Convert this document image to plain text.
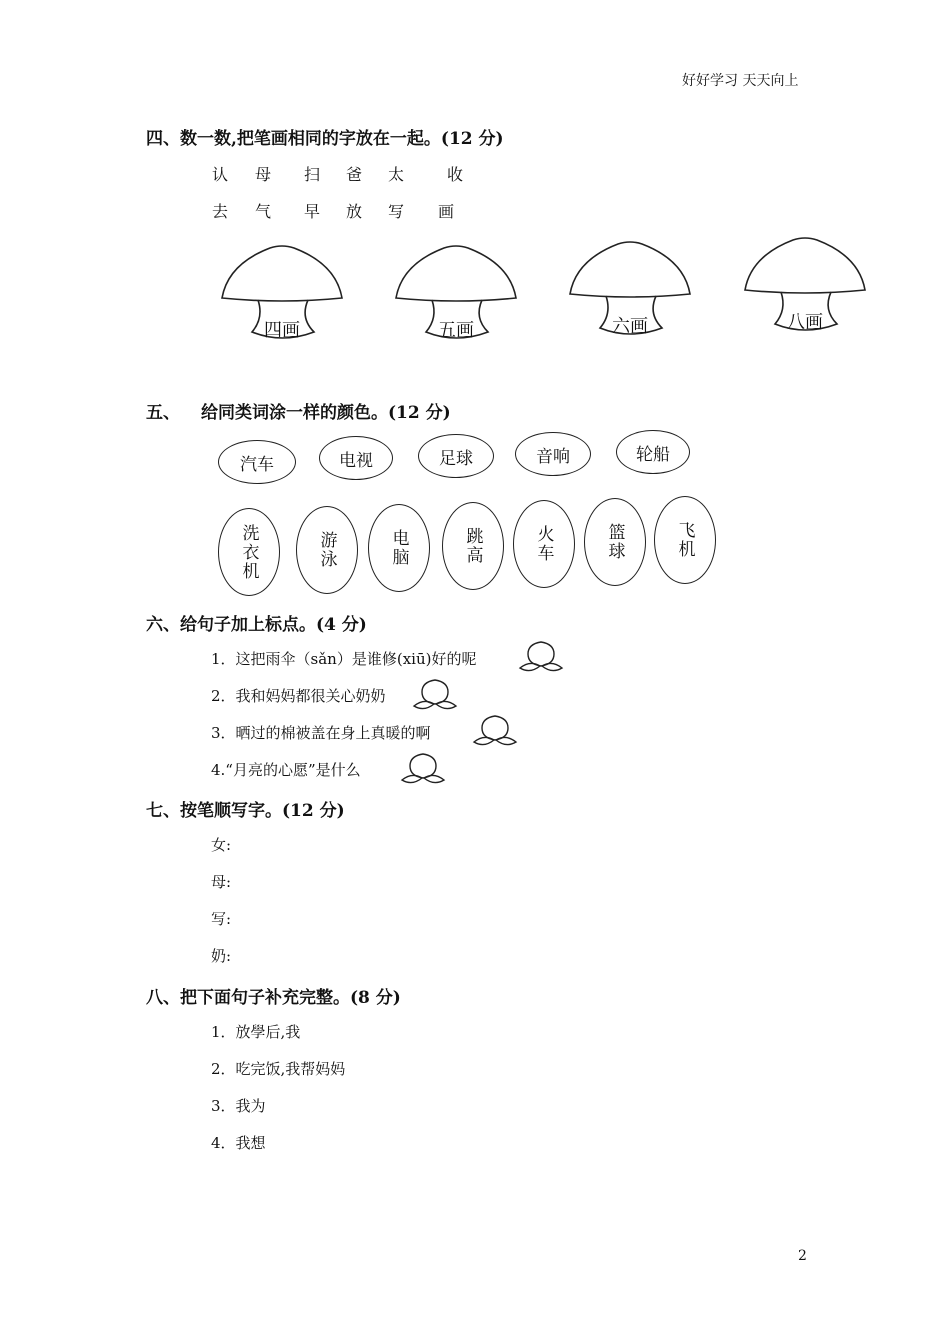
好好学习 天天向上
四、数一数,把笔画相同的字放在一起。(12 分)
认 母 扫 爸 太	收
去 气 早 放 写 画
四画	五画	六画	八画
五、 给同类词涂一样的颜色。(12 分)
汽车	电视	足球	音响	轮船
洗衣机	游泳	电脑	跳高	火车	篮球	飞机
六、给句子加上标点。(4 分)
1．这把雨伞（sǎn）是谁修(xiū)好的呢
2．我和妈妈都很关心奶奶
3．晒过的棉被盖在身上真暖的啊
4.“月亮的心愿”是什么
七、按笔顺写字。(12 分)
女:
母:
写:
奶:
八、把下面句子补充完整。(8 分)
1．放學后,我
2．吃完饭,我帮妈妈
3．我为
4．我想
2
